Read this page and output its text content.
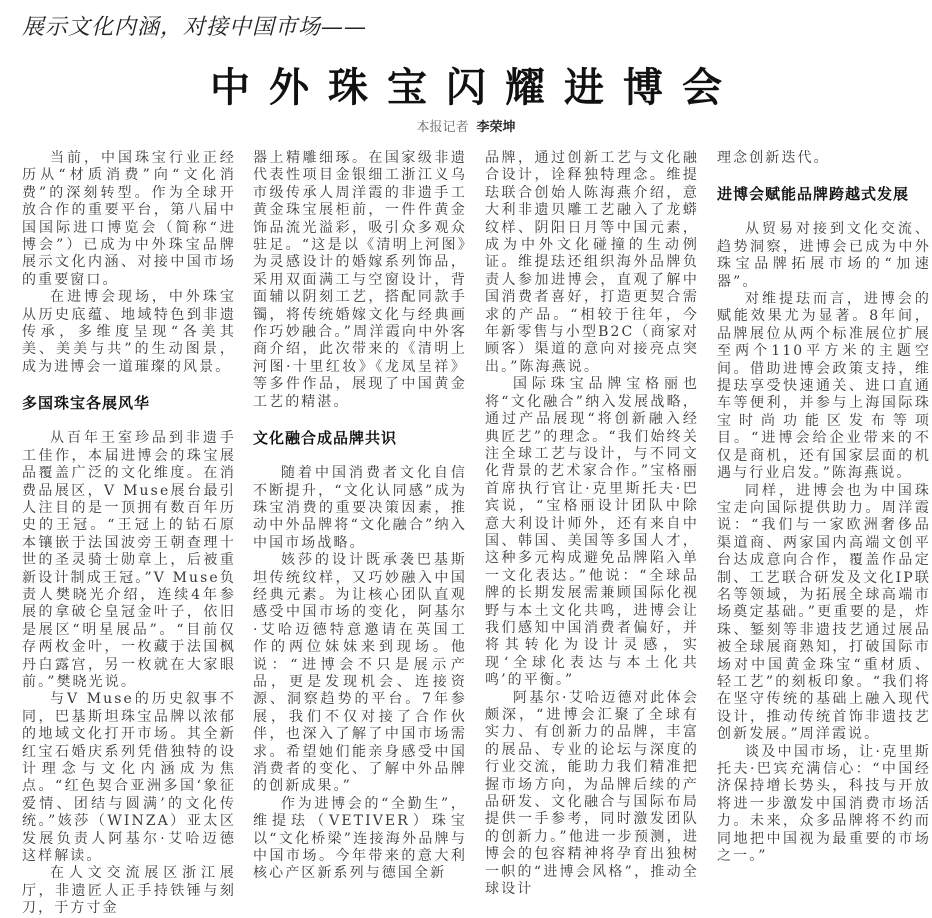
展示文化内涵，对接中国市场——
中外珠宝闪耀进博会
本报记者 李荣坤

当前，中国珠宝行业正经历从“材质消费”向“文化消费”的深刻转型。作为全球开放合作的重要平台，第八届中国国际进口博览会（简称“进博会”）已成为中外珠宝品牌展示文化内涵、对接中国市场的重要窗口。

在进博会现场，中外珠宝从历史底蕴、地域特色到非遗传承，多维度呈现“各美其美、美美与共”的生动图景，成为进博会一道璀璨的风景。

多国珠宝各展风华

从百年王室珍品到非遗手工佳作，本届进博会的珠宝展品覆盖广泛的文化维度。在消费品展区，V Muse展台最引人注目的是一顶拥有数百年历史的王冠。“王冠上的钻石原本镶嵌于法国波旁王朝查理十世的圣灵骑士勋章上，后被重新设计制成王冠。”V Muse负责人樊晓光介绍，连续4年参展的拿破仑皇冠金叶子，依旧是展区“明星展品”。“目前仅存两枚金叶，一枚藏于法国枫丹白露宫，另一枚就在大家眼前。”樊晓光说。

与V Muse的历史叙事不同，巴基斯坦珠宝品牌以浓郁的地域文化打开市场。其全新红宝石婚庆系列凭借独特的设计理念与文化内涵成为焦点。“红色契合亚洲多国‘象征爱情、团结与圆满’的文化传统。”姟莎（WINZA）亚太区发展负责人阿基尔·艾哈迈德这样解读。

在人文交流展区浙江展厅，非遗匠人正手持铁锤与刻刀，于方寸金

器上精雕细琢。在国家级非遗代表性项目金银细工浙江义乌市级传承人周洋霞的非遗手工黄金珠宝展柜前，一件件黄金饰品流光溢彩，吸引众多观众驻足。“这是以《清明上河图》为灵感设计的婚嫁系列饰品，采用双面满工与空窗设计，背面辅以阴刻工艺，搭配同款手镯，将传统婚嫁文化与经典画作巧妙融合。”周洋霞向中外客商介绍，此次带来的《清明上河图·十里红妆》《龙凤呈祥》等多件作品，展现了中国黄金工艺的精湛。

文化融合成品牌共识

随着中国消费者文化自信不断提升，“文化认同感”成为珠宝消费的重要决策因素，推动中外品牌将“文化融合”纳入中国市场战略。

姟莎的设计既承袭巴基斯坦传统纹样，又巧妙融入中国经典元素。为让核心团队直观感受中国市场的变化，阿基尔·艾哈迈德特意邀请在英国工作的两位妹妹来到现场。他说：“进博会不只是展示产品，更是发现机会、连接资源、洞察趋势的平台。7年参展，我们不仅对接了合作伙伴，也深入了解了中国市场需求。希望她们能亲身感受中国消费者的变化、了解中外品牌的创新成果。”

作为进博会的“全勤生”，维提珐（VETIVER）珠宝以“文化桥梁”连接海外品牌与中国市场。今年带来的意大利核心产区新系列与德国全新

品牌，通过创新工艺与文化融合设计，诠释独特理念。维提珐联合创始人陈海燕介绍，意大利非遗贝雕工艺融入了龙蟒纹样、阴阳日月等中国元素，成为中外文化碰撞的生动例证。维提珐还组织海外品牌负责人参加进博会，直观了解中国消费者喜好，打造更契合需求的产品。“相较于往年，今年新零售与小型B2C（商家对顾客）渠道的意向对接亮点突出。”陈海燕说。

国际珠宝品牌宝格丽也将“文化融合”纳入发展战略，通过产品展现“将创新融入经典匠艺”的理念。“我们始终关注全球工艺与设计，与不同文化背景的艺术家合作。”宝格丽首席执行官让·克里斯托夫·巴宾说，“宝格丽设计团队中除意大利设计师外，还有来自中国、韩国、美国等多国人才，这种多元构成避免品牌陷入单一文化表达。”他说：“全球品牌的长期发展需兼顾国际化视野与本土文化共鸣，进博会让我们感知中国消费者偏好，并将其转化为设计灵感，实现‘全球化表达与本土化共鸣’的平衡。”

阿基尔·艾哈迈德对此体会颇深，“进博会汇聚了全球有实力、有创新力的品牌，丰富的展品、专业的论坛与深度的行业交流，能助力我们精准把握市场方向，为品牌后续的产品研发、文化融合与国际布局提供一手参考，同时激发团队的创新力。”他进一步预测，进博会的包容精神将孕育出独树一帜的“进博会风格”，推动全球设计

理念创新迭代。

进博会赋能品牌跨越式发展

从贸易对接到文化交流、趋势洞察，进博会已成为中外珠宝品牌拓展市场的“加速器”。

对维提珐而言，进博会的赋能效果尤为显著。8年间，品牌展位从两个标准展位扩展至两个110平方米的主题空间。借助进博会政策支持，维提珐享受快速通关、进口直通车等便利，并参与上海国际珠宝时尚功能区发布等项目。“进博会给企业带来的不仅是商机，还有国家层面的机遇与行业启发。”陈海燕说。

同样，进博会也为中国珠宝走向国际提供助力。周洋霞说：“我们与一家欧洲奢侈品渠道商、两家国内高端文创平台达成意向合作，覆盖作品定制、工艺联合研发及文化IP联名等领域，为拓展全球高端市场奠定基础。”更重要的是，炸珠、錾刻等非遗技艺通过展品被全球展商熟知，打破国际市场对中国黄金珠宝“重材质、轻工艺”的刻板印象。“我们将在坚守传统的基础上融入现代设计，推动传统首饰非遗技艺创新发展。”周洋霞说。

谈及中国市场，让·克里斯托夫·巴宾充满信心：“中国经济保持增长势头，科技与开放将进一步激发中国消费市场活力。未来，众多品牌将不约而同地把中国视为最重要的市场之一。”
